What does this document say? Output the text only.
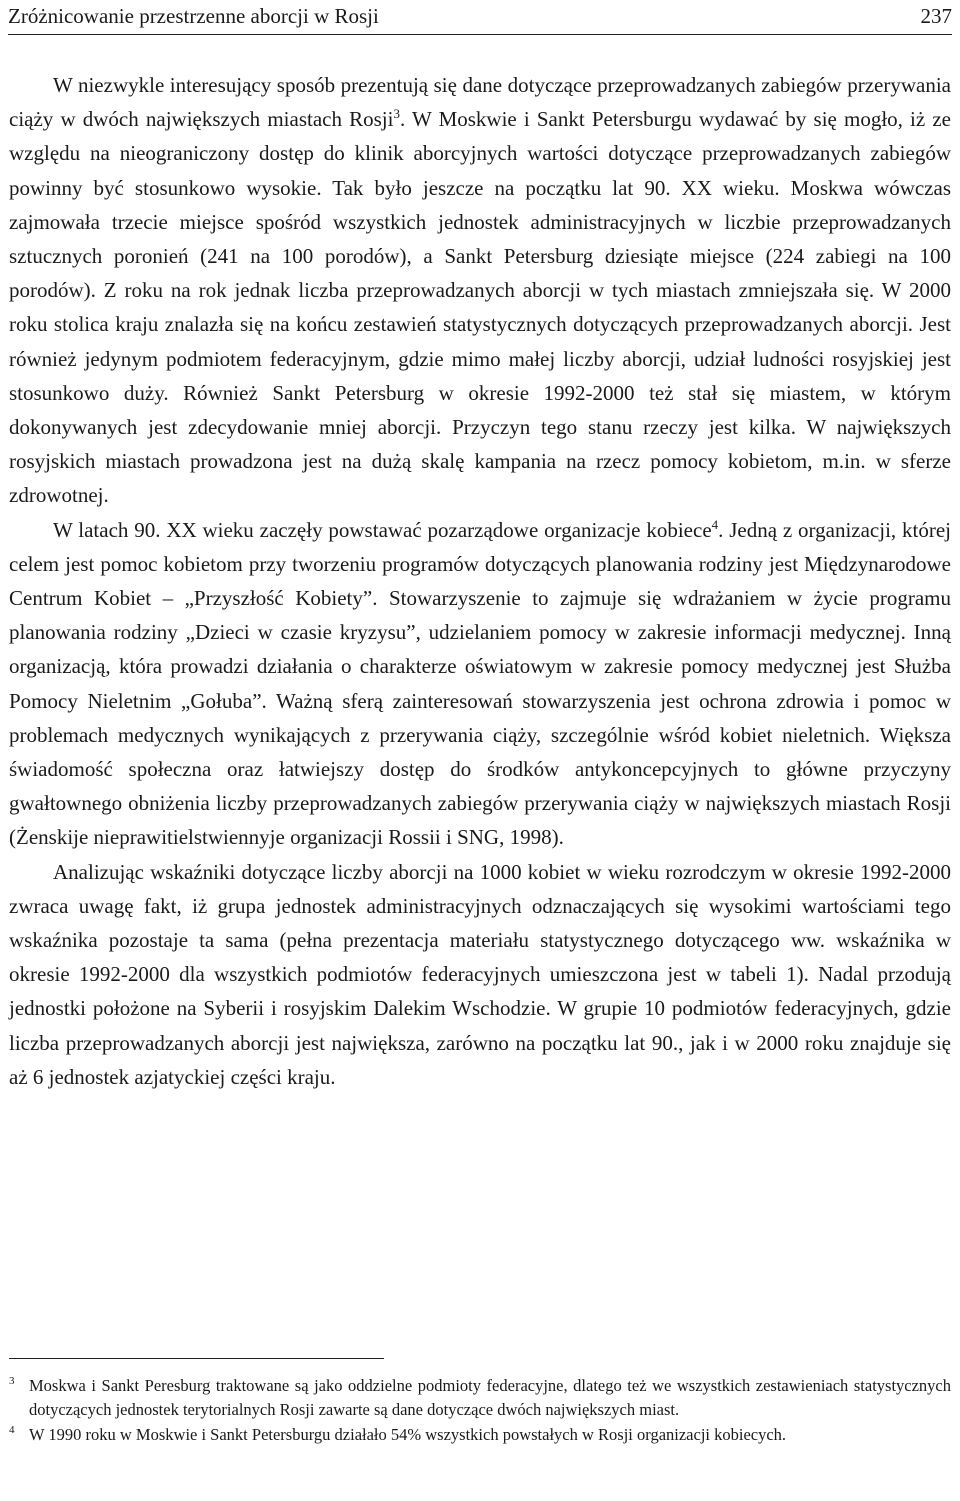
Zróżnicowanie przestrzenne aborcji w Rosji	237

W niezwykle interesujący sposób prezentują się dane dotyczące przeprowadzanych zabiegów przerywania ciąży w dwóch największych miastach Rosji$^3$. W Moskwie i Sankt Petersburgu wydawać by się mogło, iż ze względu na nieograniczony dostęp do klinik aborcyjnych wartości dotyczące przeprowadzanych zabiegów powinny być stosunkowo wysokie. Tak było jeszcze na początku lat 90. XX wieku. Moskwa wówczas zajmowała trzecie miejsce spośród wszystkich jednostek administracyjnych w liczbie przeprowadzanych sztucznych poronień (241 na 100 porodów), a Sankt Petersburg dziesiąte miejsce (224 zabiegi na 100 porodów). Z roku na rok jednak liczba przeprowadzanych aborcji w tych miastach zmniejszała się. W 2000 roku stolica kraju znalazła się na końcu zestawień statystycznych dotyczących przeprowadzanych aborcji. Jest również jedynym podmiotem federacyjnym, gdzie mimo małej liczby aborcji, udział ludności rosyjskiej jest stosunkowo duży. Również Sankt Petersburg w okresie 1992-2000 też stał się miastem, w którym dokonywanych jest zdecydowanie mniej aborcji. Przyczyn tego stanu rzeczy jest kilka. W największych rosyjskich miastach prowadzona jest na dużą skalę kampania na rzecz pomocy kobietom, m.in. w sferze zdrowotnej.

W latach 90. XX wieku zaczęły powstawać pozarządowe organizacje kobiece$^4$. Jedną z organizacji, której celem jest pomoc kobietom przy tworzeniu programów dotyczących planowania rodziny jest Międzynarodowe Centrum Kobiet – „Przyszłość Kobiety”. Stowarzyszenie to zajmuje się wdrażaniem w życie programu planowania rodziny „Dzieci w czasie kryzysu”, udzielaniem pomocy w zakresie informacji medycznej. Inną organizacją, która prowadzi działania o charakterze oświatowym w zakresie pomocy medycznej jest Służba Pomocy Nieletnim „Gołuba”. Ważną sferą zainteresowań stowarzyszenia jest ochrona zdrowia i pomoc w problemach medycznych wynikających z przerywania ciąży, szczególnie wśród kobiet nieletnich. Większa świadomość społeczna oraz łatwiejszy dostęp do środków antykoncepcyjnych to główne przyczyny gwałtownego obniżenia liczby przeprowadzanych zabiegów przerywania ciąży w największych miastach Rosji (Żenskije nieprawitielstwiennyje organizacji Rossii i SNG, 1998).

Analizując wskaźniki dotyczące liczby aborcji na 1000 kobiet w wieku rozrodczym w okresie 1992-2000 zwraca uwagę fakt, iż grupa jednostek administracyjnych odznaczających się wysokimi wartościami tego wskaźnika pozostaje ta sama (pełna prezentacja materiału statystycznego dotyczącego ww. wskaźnika w okresie 1992-2000 dla wszystkich podmiotów federacyjnych umieszczona jest w tabeli 1). Nadal przodują jednostki położone na Syberii i rosyjskim Dalekim Wschodzie. W grupie 10 podmiotów federacyjnych, gdzie liczba przeprowadzanych aborcji jest największa, zarówno na początku lat 90., jak i w 2000 roku znajduje się aż 6 jednostek azjatyckiej części kraju.

3 Moskwa i Sankt Peresburg traktowane są jako oddzielne podmioty federacyjne, dlatego też we wszystkich zestawieniach statystycznych dotyczących jednostek terytorialnych Rosji zawarte są dane dotyczące dwóch największych miast.
4 W 1990 roku w Moskwie i Sankt Petersburgu działało 54% wszystkich powstałych w Rosji organizacji kobiecych.
